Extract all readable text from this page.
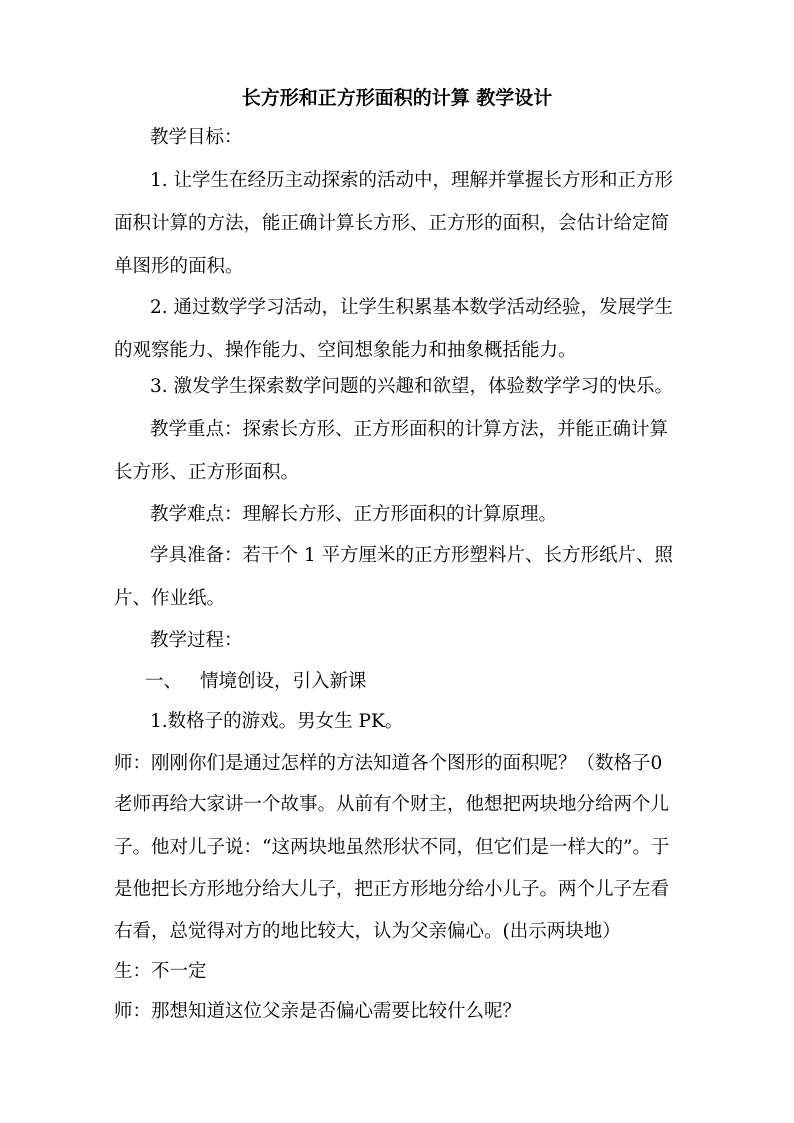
长方形和正方形面积的计算 教学设计
教学目标：
1. 让学生在经历主动探索的活动中，理解并掌握长方形和正方形
面积计算的方法，能正确计算长方形、正方形的面积，会估计给定简
单图形的面积。
2. 通过数学学习活动，让学生积累基本数学活动经验，发展学生
的观察能力、操作能力、空间想象能力和抽象概括能力。
3. 激发学生探索数学问题的兴趣和欲望，体验数学学习的快乐。
教学重点：探索长方形、正方形面积的计算方法，并能正确计算
长方形、正方形面积。
教学难点：理解长方形、正方形面积的计算原理。
学具准备：若干个 1 平方厘米的正方形塑料片、长方形纸片、照
片、作业纸。
教学过程：
一、 情境创设，引入新课
1.数格子的游戏。男女生 PK。
师：刚刚你们是通过怎样的方法知道各个图形的面积呢？（数格子0
老师再给大家讲一个故事。从前有个财主，他想把两块地分给两个儿
子。他对儿子说：“这两块地虽然形状不同，但它们是一样大的”。于
是他把长方形地分给大儿子，把正方形地分给小儿子。两个儿子左看
右看，总觉得对方的地比较大，认为父亲偏心。(出示两块地）
生：不一定
师：那想知道这位父亲是否偏心需要比较什么呢？
